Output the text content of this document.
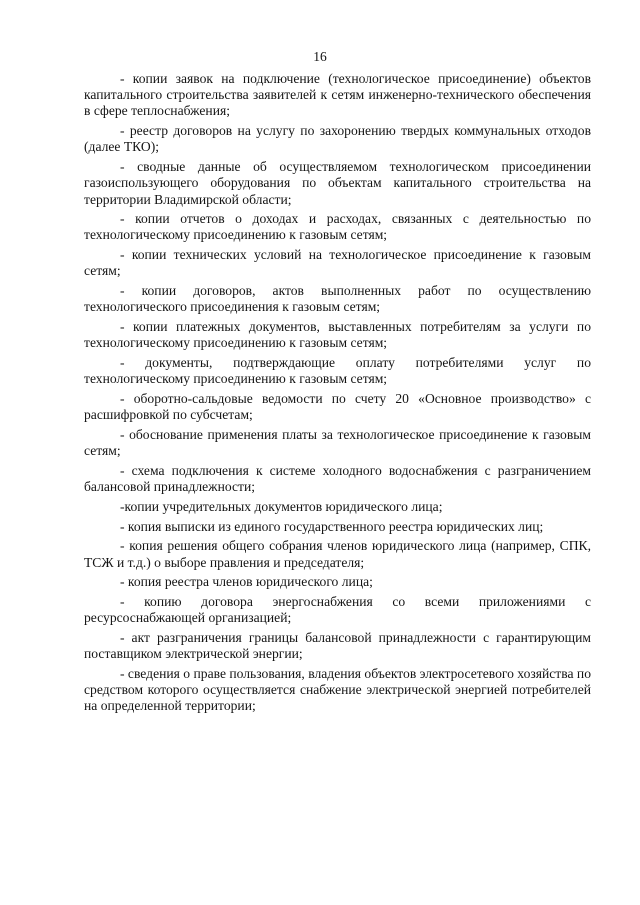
16

- копии заявок на подключение (технологическое присоединение) объектов капитального строительства заявителей к сетям инженерно-технического обеспечения в сфере теплоснабжения;

- реестр договоров на услугу по захоронению твердых коммунальных отходов (далее ТКО);

- сводные данные об осуществляемом технологическом присоединении газоиспользующего оборудования по объектам капитального строительства на территории Владимирской области;

- копии отчетов о доходах и расходах, связанных с деятельностью по технологическому присоединению к газовым сетям;

- копии технических условий на технологическое присоединение к газовым сетям;

- копии договоров, актов выполненных работ по осуществлению технологического присоединения к газовым сетям;

- копии платежных документов, выставленных потребителям за услуги по технологическому присоединению к газовым сетям;

- документы, подтверждающие оплату потребителями услуг по технологическому присоединению к газовым сетям;

- оборотно-сальдовые ведомости по счету 20 «Основное производство» с расшифровкой по субсчетам;

- обоснование применения платы за технологическое присоединение к газовым сетям;

- схема подключения к системе холодного водоснабжения с разграничением балансовой принадлежности;

-копии учредительных документов юридического лица;

- копия выписки из единого государственного реестра юридических лиц;

- копия решения общего собрания членов юридического лица (например, СПК, ТСЖ и т.д.) о выборе правления и председателя;

- копия реестра членов юридического лица;

- копию договора энергоснабжения со всеми приложениями с ресурсоснабжающей организацией;

- акт разграничения границы балансовой принадлежности с гарантирующим поставщиком электрической энергии;

- сведения о праве пользования, владения объектов электросетевого хозяйства по средством которого осуществляется снабжение электрической энергией потребителей на определенной территории;
